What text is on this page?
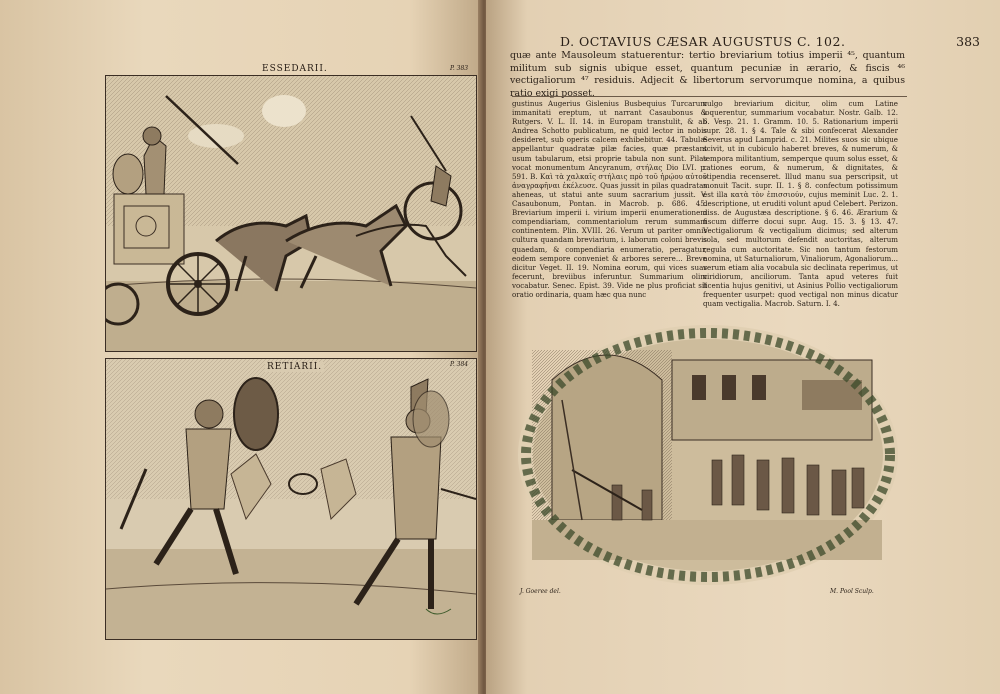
ESSEDARII.	P. 383
RETIARII.	P. 384
D. OCTAVIUS CÆSAR AUGUSTUS C. 102.	383
quæ ante Mausoleum statuerentur: tertio breviarium totius imperii ⁴⁵, quantum militum sub signis ubique esset, quantum pecuniæ in ærario, & fiscis ⁴⁶ vectigaliorum ⁴⁷ residuis. Adjecit & libertorum servorumque nomina, a quibus ratio exigi posset.

gustinus Augerius Gislenius Busbequius Turcarum immanitati ereptum, ut narrant Casaubonus & Rutgers. V. L. II. 14. in Europam transtulit, & ab Andrea Schotto publicatum, ne quid lector in nobis desideret, sub operis calcem exhibebitur. 44. Tabulæ appellantur quadratæ pilæ facies, quæ præstant usum tabularum, etsi proprie tabula non sunt. Pilas vocat monumentum Ancyranum, στήλας Dio LVI. p. 591. B. Καὶ τὰ χαλκαῖς στήλαις πρὸ τοῦ ἡρῴου αὐτοῦ ἀναγραφῆναι ἐκέλευσε. Quas jussit in pilas quadratas aheneas, ut statui ante suum sacrarium jussit. V. Casaubonum, Pontan. in Macrob. p. 686. 45. Breviarium imperii i. virium imperii enumerationem compendiariam, commentariolum rerum summam continentem. Plin. XVIII. 26. Verum ut pariter omnis cultura quandam breviarium, i. laborum coloni brevis quaedam, & compendiaria enumeratio, peragatur, eodem sempore conveniet & arbores serere... Breve dicitur Veget. II. 19. Nomina eorum, qui vices suas fecerunt, breviibus inferuntur. Summarium olim vocabatur. Senec. Epist. 39. Vide ne plus proficiat sit oratio ordinaria, quam hæc qua nunc

vulgo breviarium dicitur, olim cum Latine loquerentur, summarium vocabatur. Nostr. Galb. 12. 6. Vesp. 21. 1. Gramm. 10. 5. Rationarium imperii supr. 28. 1. § 4. Tale & sibi confecerat Alexander Severus apud Lamprid. c. 21. Milites suos sic ubique scivit, ut in cubiculo haberet breves, & numerum, & tempora militantium, semperque quum solus esset, & rationes eorum, & numerum, & dignitates, & stipendia recenseret. Illud manu sua perscripsit, ut monuit Tacit. supr. II. 1. § 8. confectum potissimum est illa κατὰ τὸν ἐπισσιούν, cujus meminit Luc. 2. 1. descriptione, ut eruditi volunt apud Celebert. Perizon. diss. de Augustæa descriptione. § 6. 46. Ærarium & fiscum differre docui supr. Aug. 15. 3. § 13. 47. Vectigaliorum & vectigalium dicimus; sed alterum sola, sed multorum defendit auctoritas, alterum regula cum auctoritate. Sic non tantum festorum nomina, ut Saturnaliorum, Vinaliorum, Agonaliorum... verum etiam alia vocabula sic declinata reperimus, ut viridiorum, anciliorum. Tanta apud veteres fuit licentia hujus genitivi, ut Asinius Pollio vectigaliorum frequenter usurpet: quod vectigal non minus dicatur quam vectigalia. Macrob. Saturn. I. 4.

J. Goeree del.	M. Pool Sculp.
